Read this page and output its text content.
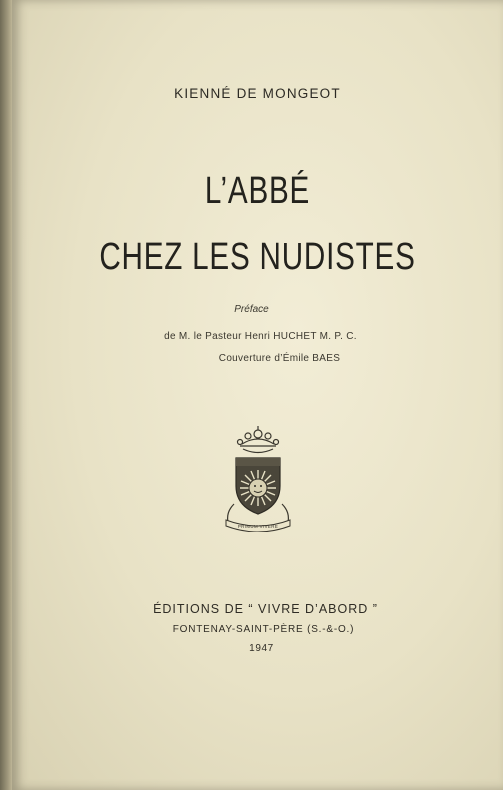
KIENNÉ DE MONGEOT
L’ABBÉ
CHEZ LES NUDISTES
Préface
de M. le Pasteur Henri HUCHET M. P. C.
Couverture d’Émile BAES
PRIMUM VIVERE
ÉDITIONS DE “ VIVRE D’ABORD ”
FONTENAY-SAINT-PÈRE (S.-&-O.)
1947
